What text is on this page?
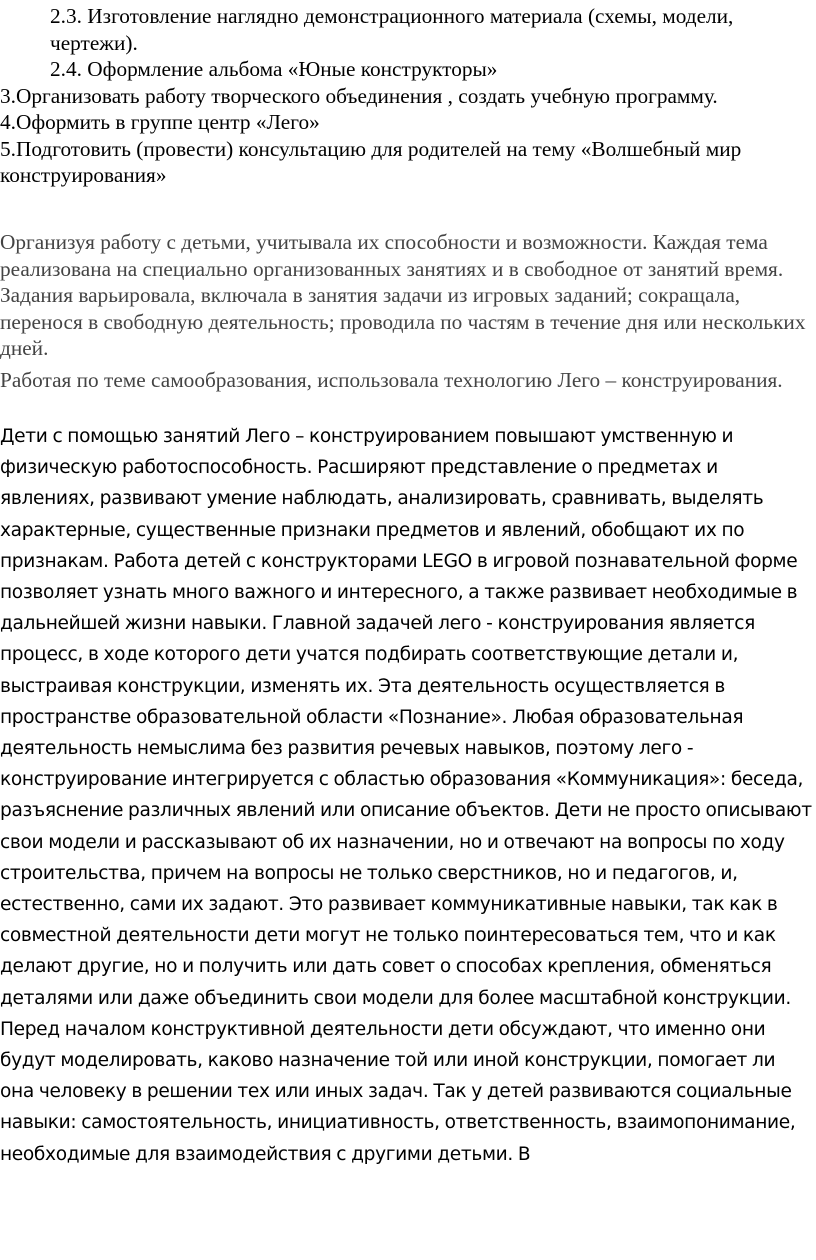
2.3. Изготовление наглядно демонстрационного материала (схемы, модели, чертежи).

2.4. Оформление альбома «Юные конструкторы»

3.Организовать работу творческого объединения , создать учебную программу.

4.Оформить в группе центр «Лего»

5.Подготовить (провести) консультацию для родителей на тему «Волшебный мир конструирования»

Организуя работу с детьми, учитывала их способности и возможности. Каждая тема реализована на специально организованных занятиях и в свободное от занятий время. Задания варьировала, включала в занятия задачи из игровых заданий; сокращала, перенося в свободную деятельность; проводила по частям в течение дня или нескольких дней.

Работая по теме самообразования, использовала технологию Лего – конструирования.

Дети с помощью занятий Лего – конструированием повышают умственную и физическую работоспособность. Расширяют представление о предметах и явлениях, развивают умение наблюдать, анализировать, сравнивать, выделять характерные, существенные признаки предметов и явлений, обобщают их по признакам. Работа детей с конструкторами LEGO в игровой познавательной форме позволяет узнать много важного и интересного, а также развивает необходимые в дальнейшей жизни навыки. Главной задачей лего - конструирования является процесс, в ходе которого дети учатся подбирать соответствующие детали и, выстраивая конструкции, изменять их. Эта деятельность осуществляется в пространстве образовательной области «Познание». Любая образовательная деятельность немыслима без развития речевых навыков, поэтому лего - конструирование интегрируется с областью образования «Коммуникация»: беседа, разъяснение различных явлений или описание объектов. Дети не просто описывают свои модели и рассказывают об их назначении, но и отвечают на вопросы по ходу строительства, причем на вопросы не только сверстников, но и педагогов, и, естественно, сами их задают. Это развивает коммуникативные навыки, так как в совместной деятельности дети могут не только поинтересоваться тем, что и как делают другие, но и получить или дать совет о способах крепления, обменяться деталями или даже объединить свои модели для более масштабной конструкции. Перед началом конструктивной деятельности дети обсуждают, что именно они будут моделировать, каково назначение той или иной конструкции, помогает ли она человеку в решении тех или иных задач. Так у детей развиваются социальные навыки: самостоятельность, инициативность, ответственность, взаимопонимание, необходимые для взаимодействия с другими детьми. В
